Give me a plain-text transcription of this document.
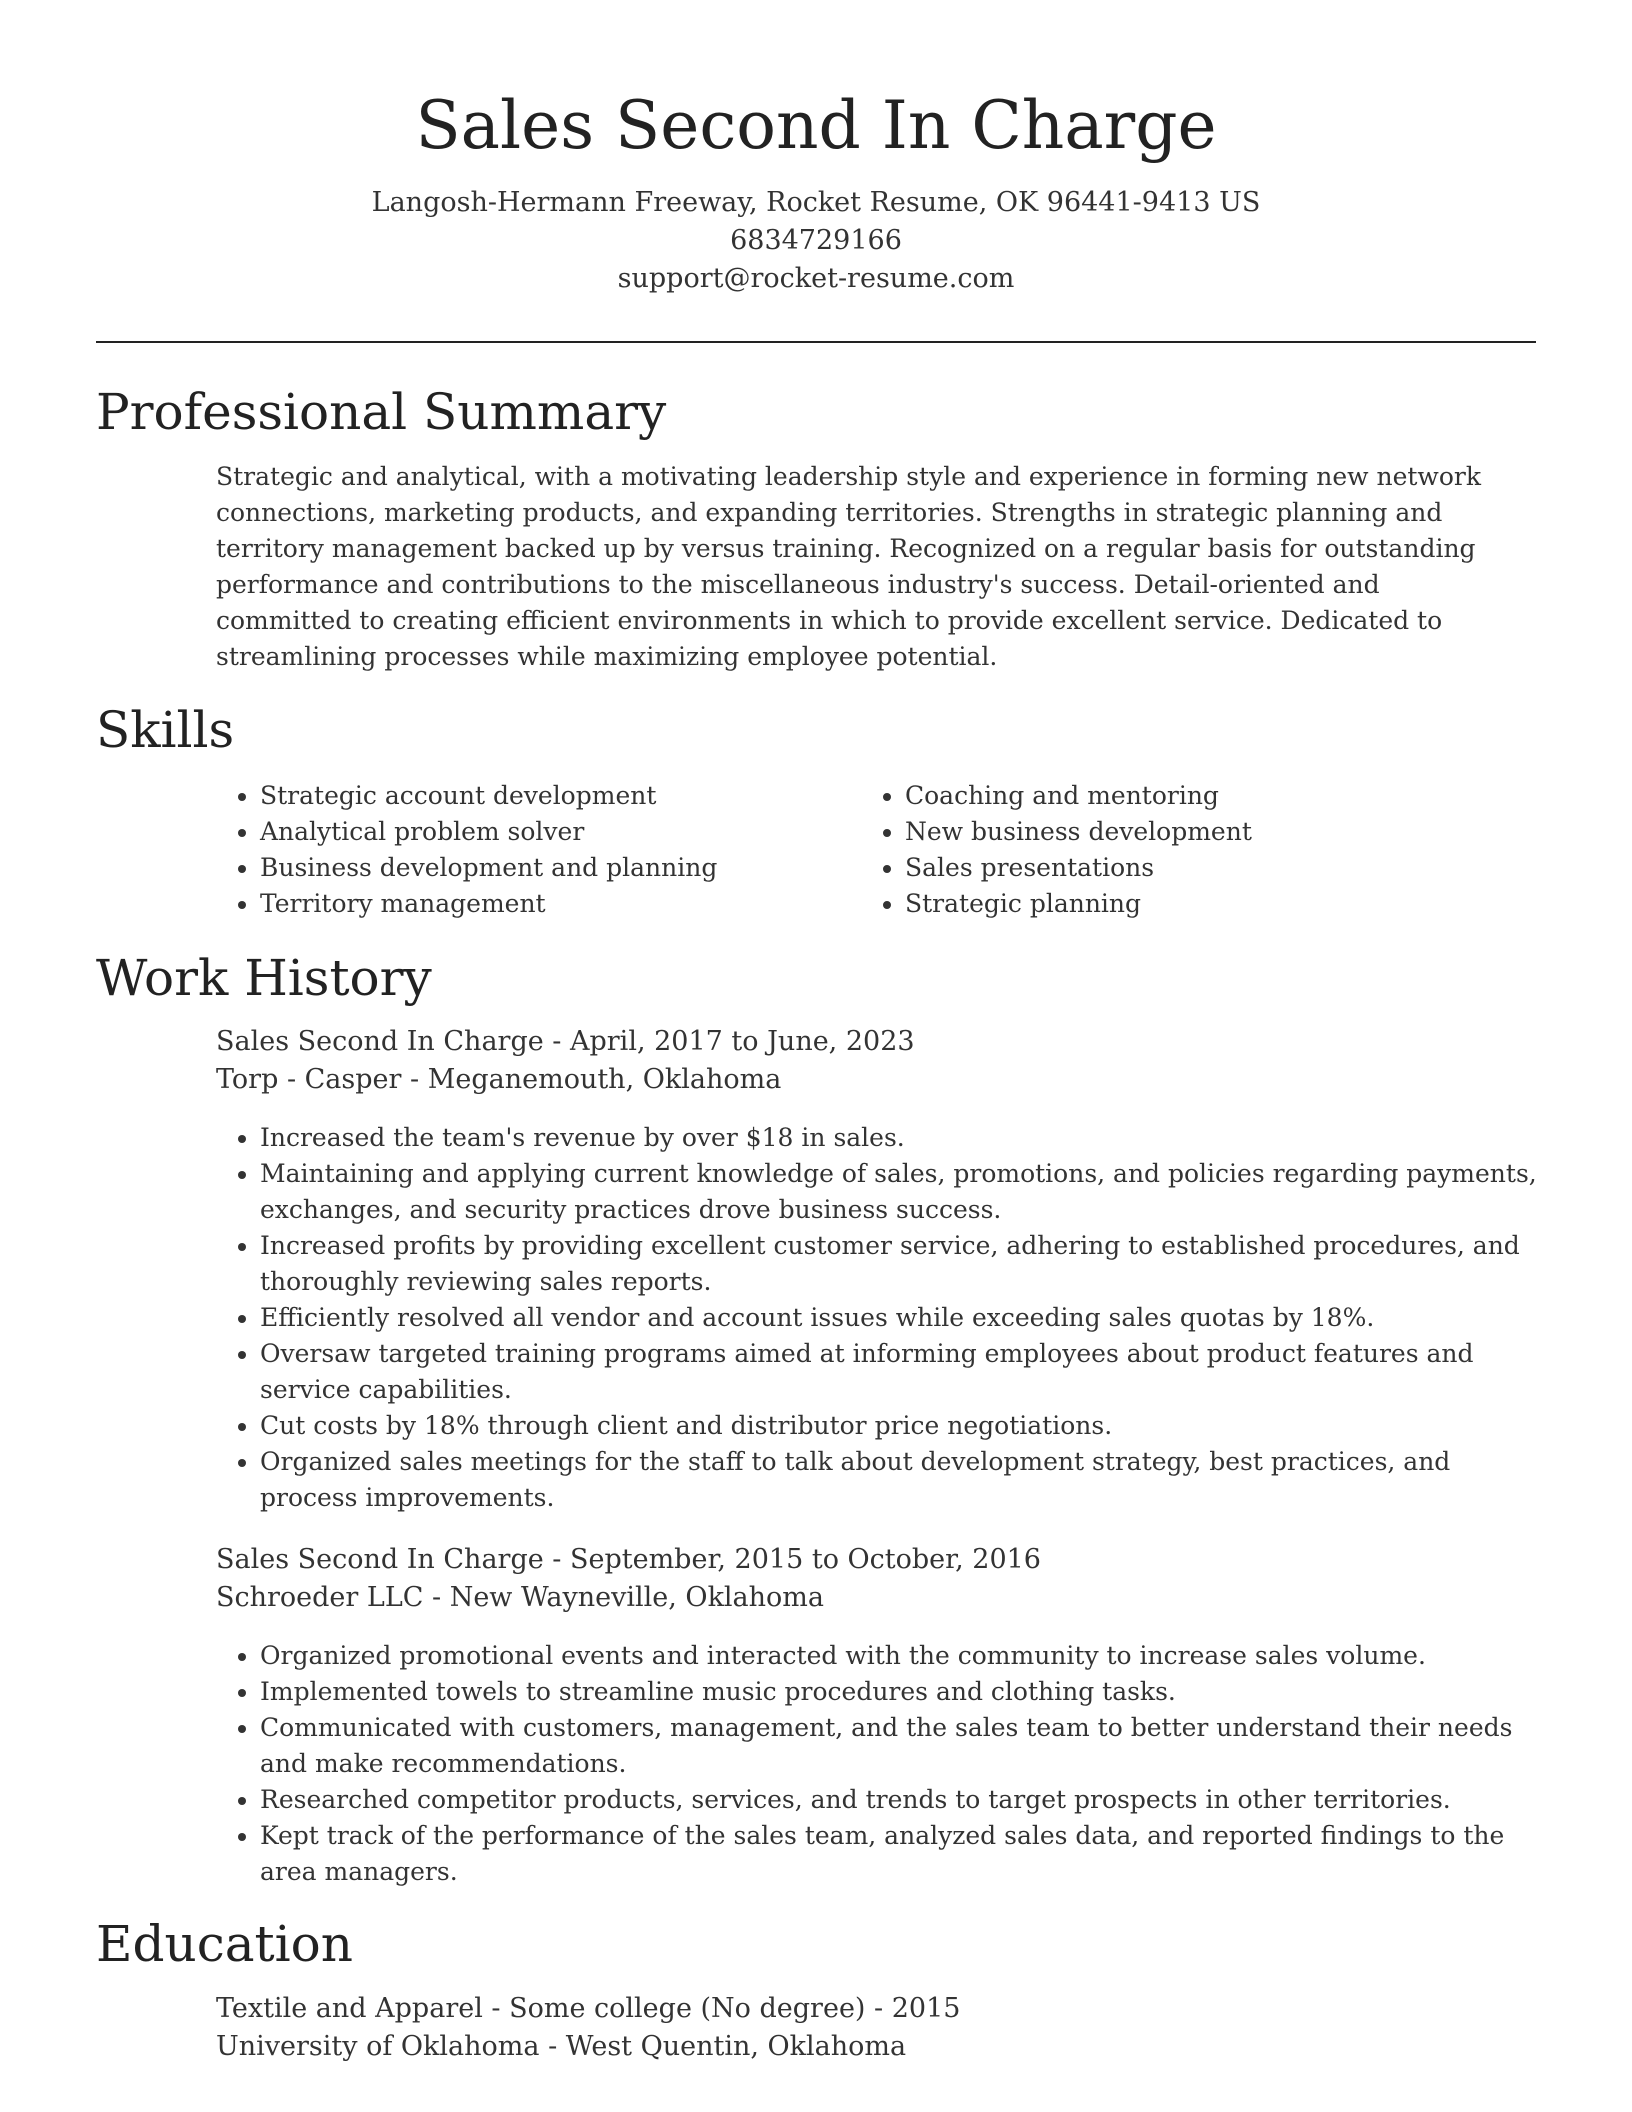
Sales Second In Charge

Langosh-Hermann Freeway, Rocket Resume, OK 96441-9413 US

6834729166

support@rocket-resume.com

Professional Summary

Strategic and analytical, with a motivating leadership style and experience in forming new network connections, marketing products, and expanding territories. Strengths in strategic planning and territory management backed up by versus training. Recognized on a regular basis for outstanding performance and contributions to the miscellaneous industry's success. Detail-oriented and committed to creating efficient environments in which to provide excellent service. Dedicated to streamlining processes while maximizing employee potential.

Skills
• Strategic account development
• Analytical problem solver
• Business development and planning
• Territory management
• Coaching and mentoring
• New business development
• Sales presentations
• Strategic planning
Work History

Sales Second In Charge - April, 2017 to June, 2023

Torp - Casper - Meganemouth, Oklahoma

• Increased the team's revenue by over $18 in sales.
• Maintaining and applying current knowledge of sales, promotions, and policies regarding payments, exchanges, and security practices drove business success.
• Increased profits by providing excellent customer service, adhering to established procedures, and thoroughly reviewing sales reports.
• Efficiently resolved all vendor and account issues while exceeding sales quotas by 18%.
• Oversaw targeted training programs aimed at informing employees about product features and service capabilities.
• Cut costs by 18% through client and distributor price negotiations.
• Organized sales meetings for the staff to talk about development strategy, best practices, and process improvements.

Sales Second In Charge - September, 2015 to October, 2016

Schroeder LLC - New Wayneville, Oklahoma

• Organized promotional events and interacted with the community to increase sales volume.
• Implemented towels to streamline music procedures and clothing tasks.
• Communicated with customers, management, and the sales team to better understand their needs and make recommendations.
• Researched competitor products, services, and trends to target prospects in other territories.
• Kept track of the performance of the sales team, analyzed sales data, and reported findings to the area managers.
Education

Textile and Apparel - Some college (No degree) - 2015

University of Oklahoma - West Quentin, Oklahoma
